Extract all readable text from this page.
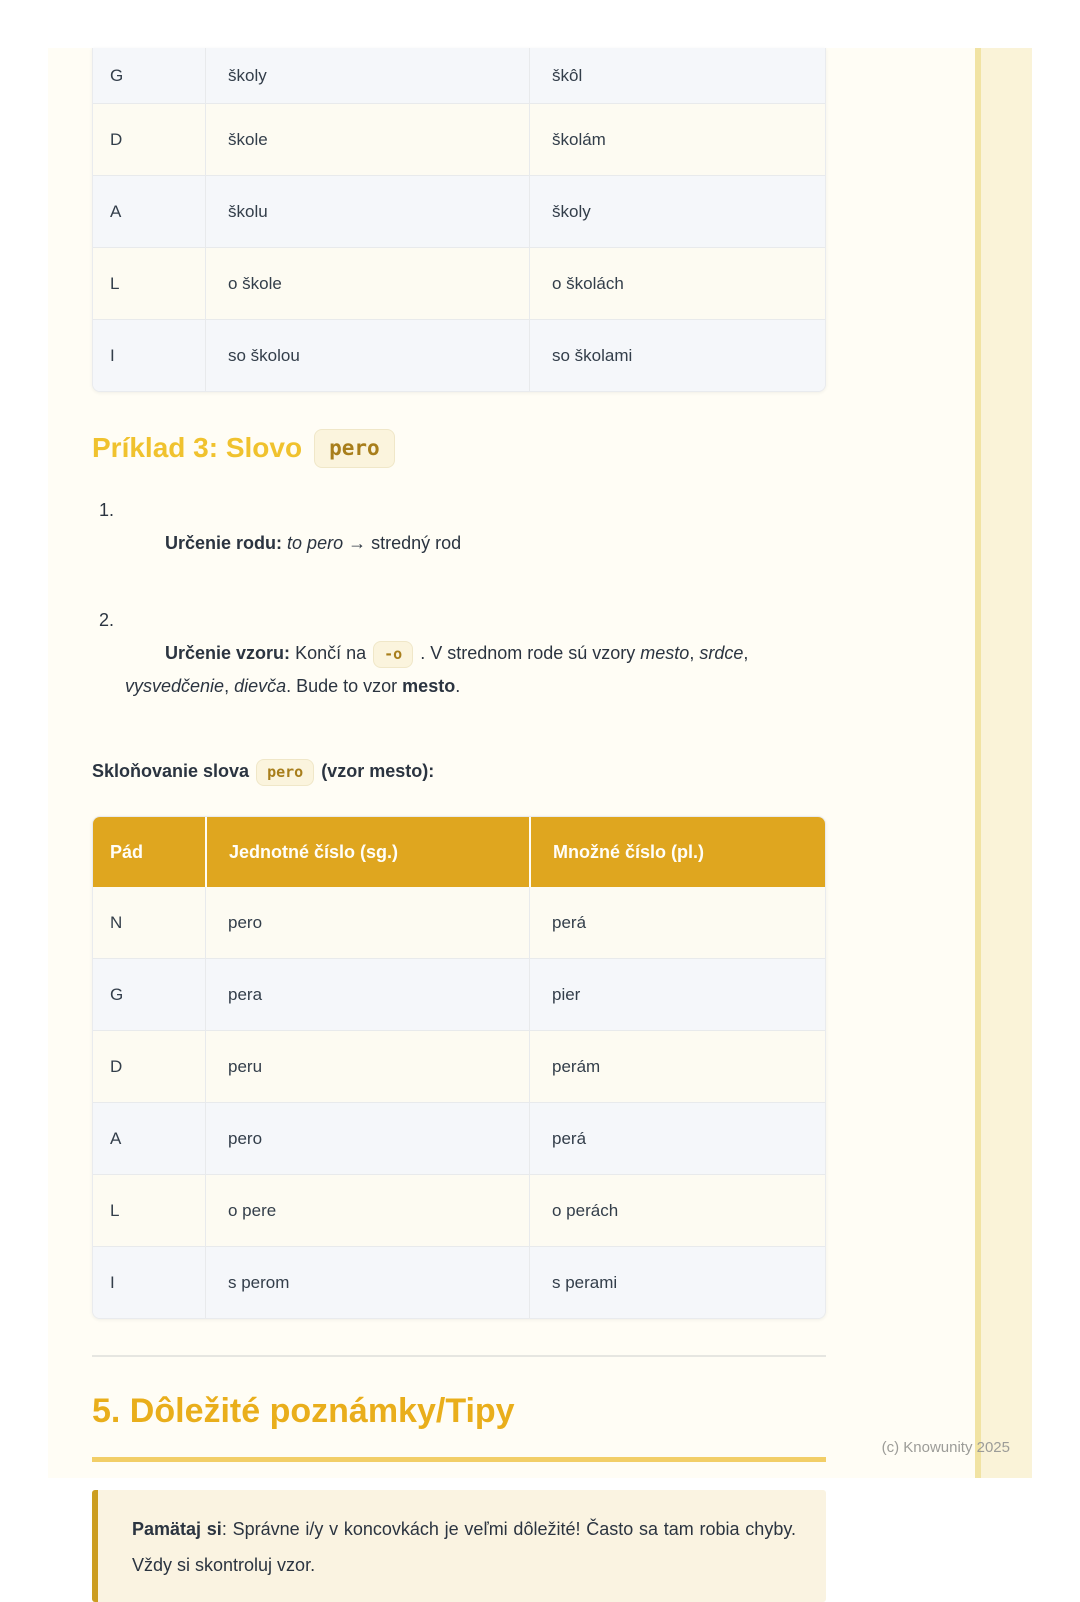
G	školy	škôl
D	škole	školám
A	školu	školy
L	o škole	o školách
I	so školou	so školami
Príklad 3: Slovo	pero

1.
Určenie rodu: to pero → stredný rod

2.
Určenie vzoru: Končí na -o . V strednom rode sú vzory mesto, srdce, vysvedčenie, dievča. Bude to vzor mesto.

Skloňovanie slova pero (vzor mesto):

Pád	Jednotné číslo (sg.)	Množné číslo (pl.)
N	pero	perá
G	pera	pier
D	peru	perám
A	pero	perá
L	o pere	o perách
I	s perom	s perami
5. Dôležité poznámky/Tipy

Pamätaj si: Správne i/y v koncovkách je veľmi dôležité! Často sa tam robia chyby. Vždy si skontroluj vzor.

(c) Knowunity 2025
